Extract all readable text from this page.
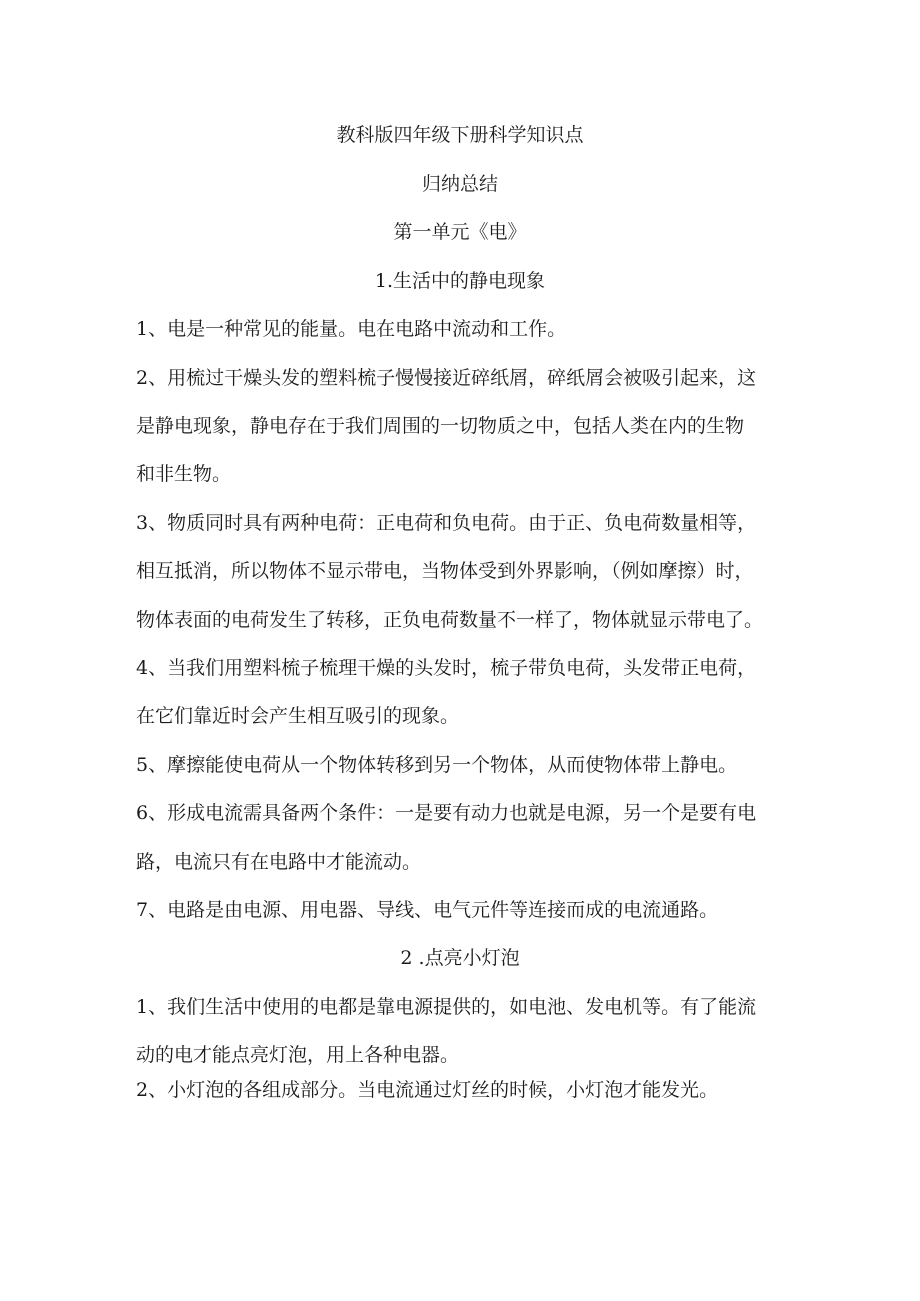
教科版四年级下册科学知识点
归纳总结
第一单元《电》
1.生活中的静电现象
1、电是一种常见的能量。电在电路中流动和工作。
2、用梳过干燥头发的塑料梳子慢慢接近碎纸屑，碎纸屑会被吸引起来，这
是静电现象，静电存在于我们周围的一切物质之中，包括人类在内的生物
和非生物。
3、物质同时具有两种电荷：正电荷和负电荷。由于正、负电荷数量相等，
相互抵消，所以物体不显示带电，当物体受到外界影响，（例如摩擦）时，
物体表面的电荷发生了转移，正负电荷数量不一样了，物体就显示带电了。
4、当我们用塑料梳子梳理干燥的头发时，梳子带负电荷，头发带正电荷，
在它们靠近时会产生相互吸引的现象。
5、摩擦能使电荷从一个物体转移到另一个物体，从而使物体带上静电。
6、形成电流需具备两个条件：一是要有动力也就是电源，另一个是要有电
路，电流只有在电路中才能流动。
7、电路是由电源、用电器、导线、电气元件等连接而成的电流通路。
2 .点亮小灯泡
1、我们生活中使用的电都是靠电源提供的，如电池、发电机等。有了能流
动的电才能点亮灯泡，用上各种电器。
2、小灯泡的各组成部分。当电流通过灯丝的时候，小灯泡才能发光。
